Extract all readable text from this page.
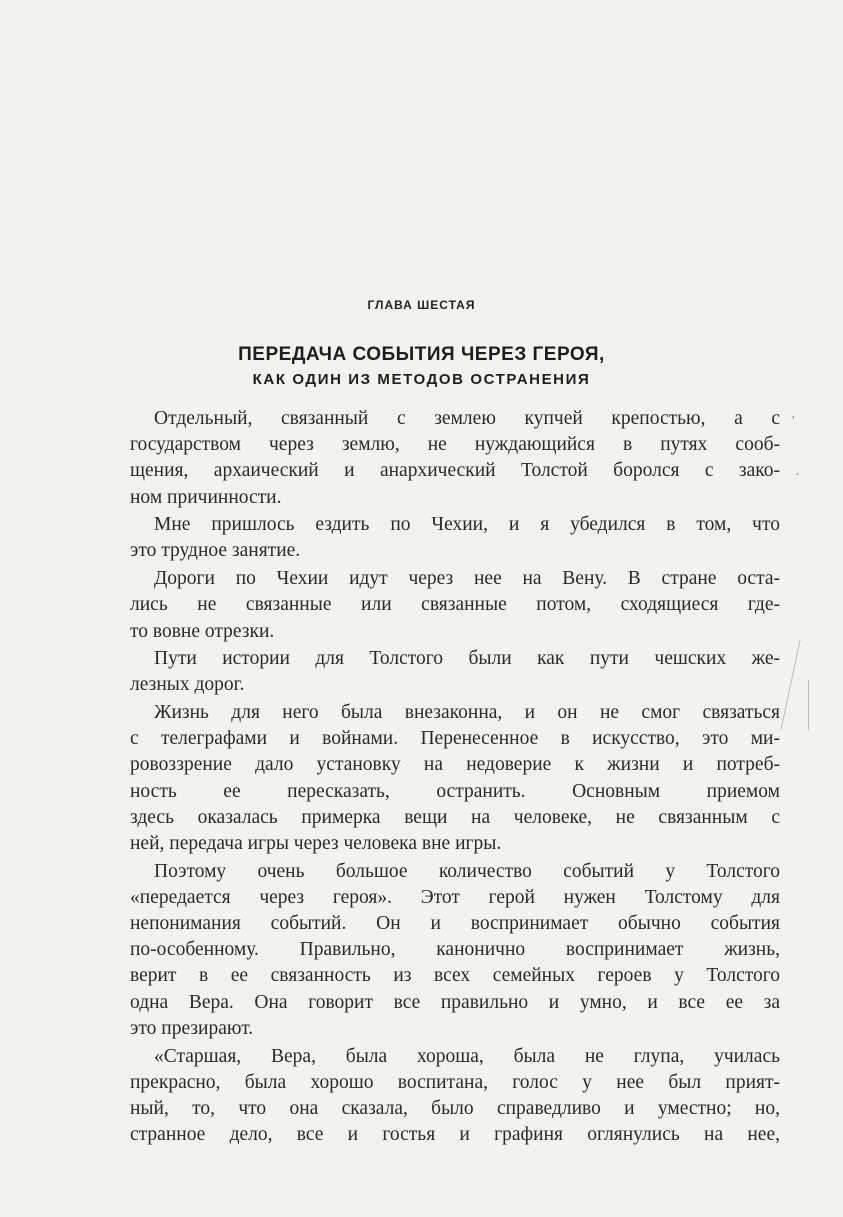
ГЛАВА ШЕСТАЯ
ПЕРЕДАЧА СОБЫТИЯ ЧЕРЕЗ ГЕРОЯ,
КАК ОДИН ИЗ МЕТОДОВ ОСТРАНЕНИЯ
Отдельный, связанный с землею купчей крепостью, а с
государством через землю, не нуждающийся в путях сооб-
щения, архаический и анархический Толстой боролся с зако-
ном причинности.
Мне пришлось ездить по Чехии, и я убедился в том, что
это трудное занятие.
Дороги по Чехии идут через нее на Вену. В стране оста-
лись не связанные или связанные потом, сходящиеся где-
то вовне отрезки.
Пути истории для Толстого были как пути чешских же-
лезных дорог.
Жизнь для него была внезаконна, и он не смог связаться
с телеграфами и войнами. Перенесенное в искусство, это ми-
ровоззрение дало установку на недоверие к жизни и потреб-
ность ее пересказать, остранить. Основным приемом
здесь оказалась примерка вещи на человеке, не связанным с
ней, передача игры через человека вне игры.
Поэтому очень большое количество событий у Толстого
«передается через героя». Этот герой нужен Толстому для
непонимания событий. Он и воспринимает обычно события
по-особенному. Правильно, канонично воспринимает жизнь,
верит в ее связанность из всех семейных героев у Толстого
одна Вера. Она говорит все правильно и умно, и все ее за
это презирают.
«Старшая, Вера, была хороша, была не глупа, училась
прекрасно, была хорошо воспитана, голос у нее был прият-
ный, то, что она сказала, было справедливо и уместно; но,
странное дело, все и гостья и графиня оглянулись на нее,
'
·
